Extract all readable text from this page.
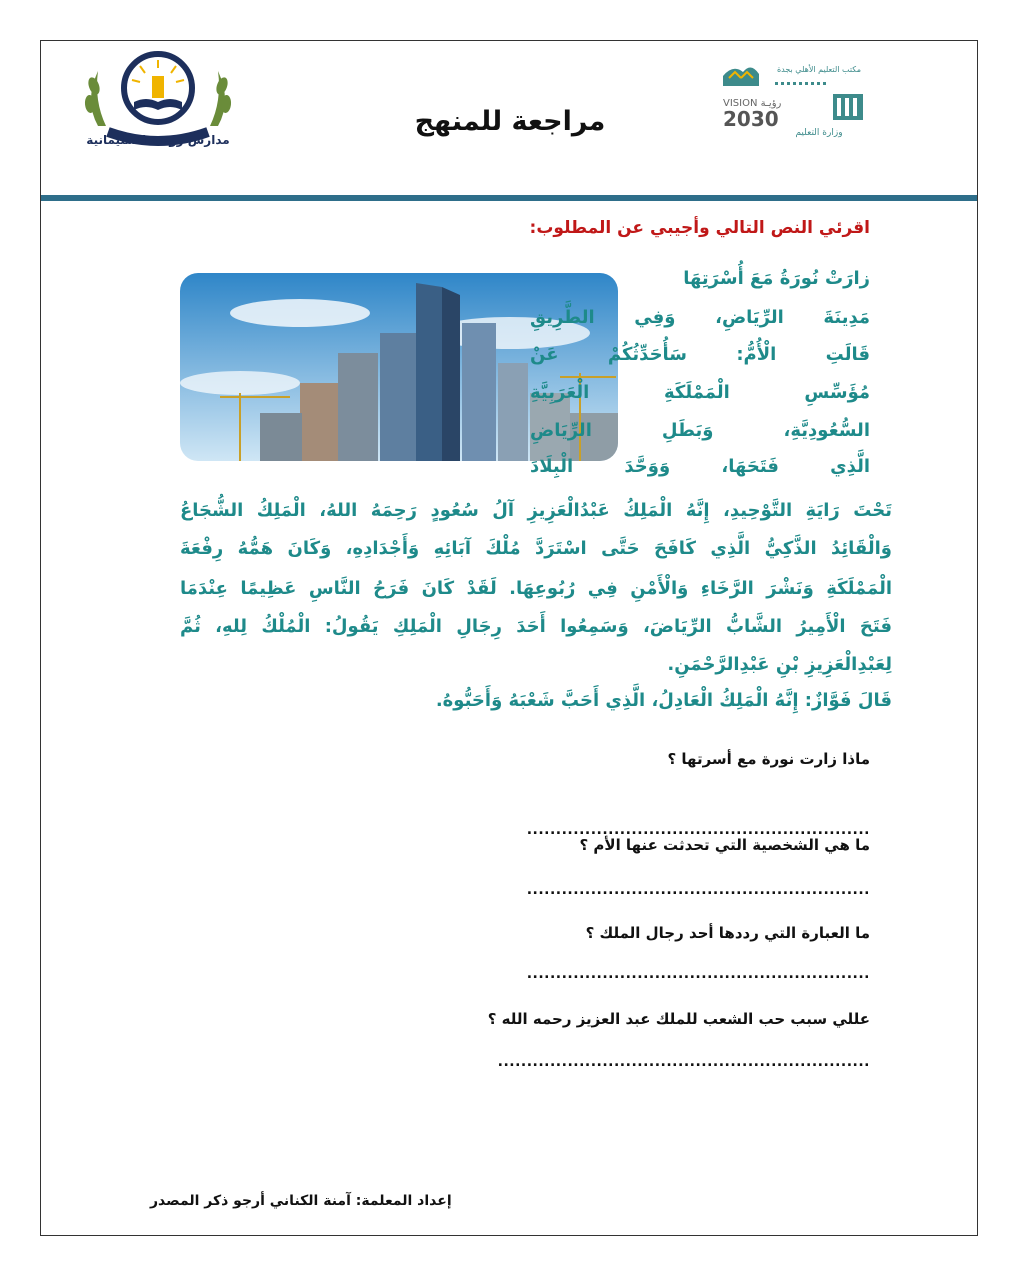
مدارس روضة السليمانية
مراجعة للمنهج
مكتب التعليم الأهلي بجدة
VISION رؤيـة
2030
وزارة التعليم
اقرئي النص التالي وأجيبي عن المطلوب:
زارَتْ نُورَةُ مَعَ أُسْرَتِهَا
مَدِينَةَ الرِّيَاضِ، وَفِي الطَّرِيقِ
قَالَتِ الْأُمُّ: سَأُحَدِّثُكُمْ عَنْ
مُؤَسِّسِ الْمَمْلَكَةِ الْعَرَبِيَّةِ
السُّعُودِيَّةِ، وَبَطَلِ الرِّيَاضِ
الَّذِي فَتَحَهَا، وَوَحَّدَ الْبِلَادَ
تَحْتَ رَايَةِ التَّوْحِيدِ، إِنَّهُ الْمَلِكُ عَبْدُالْعَزِيزِ آلُ سُعُودٍ رَحِمَهُ اللهُ، الْمَلِكُ الشُّجَاعُ
وَالْقَائِدُ الذَّكِيُّ الَّذِي كَافَحَ حَتَّى اسْتَرَدَّ مُلْكَ آبَائِهِ وَأَجْدَادِهِ، وَكَانَ هَمُّهُ رِفْعَةَ
الْمَمْلَكَةِ وَنَشْرَ الرَّخَاءِ وَالْأَمْنِ فِي رُبُوعِهَا. لَقَدْ كَانَ فَرَحُ النَّاسِ عَظِيمًا عِنْدَمَا
فَتَحَ الْأَمِيرُ الشَّابُّ الرِّيَاضَ، وَسَمِعُوا أَحَدَ رِجَالِ الْمَلِكِ يَقُولُ: الْمُلْكُ لِلهِ، ثُمَّ
لِعَبْدِالْعَزِيزِ بْنِ عَبْدِالرَّحْمَنِ.
قَالَ فَوَّازٌ: إِنَّهُ الْمَلِكُ الْعَادِلُ، الَّذِي أَحَبَّ شَعْبَهُ وَأَحَبُّوهُ.
ماذا زارت نورة مع أسرتها ؟
...........................................................
ما هي الشخصية التي تحدثت عنها الأم ؟
...........................................................
ما العبارة التي رددها أحد رجال الملك ؟
...........................................................
عللي سبب حب الشعب للملك عبد العزيز رحمه الله ؟
................................................................
إعداد المعلمة: آمنة الكناني أرجو ذكر المصدر
